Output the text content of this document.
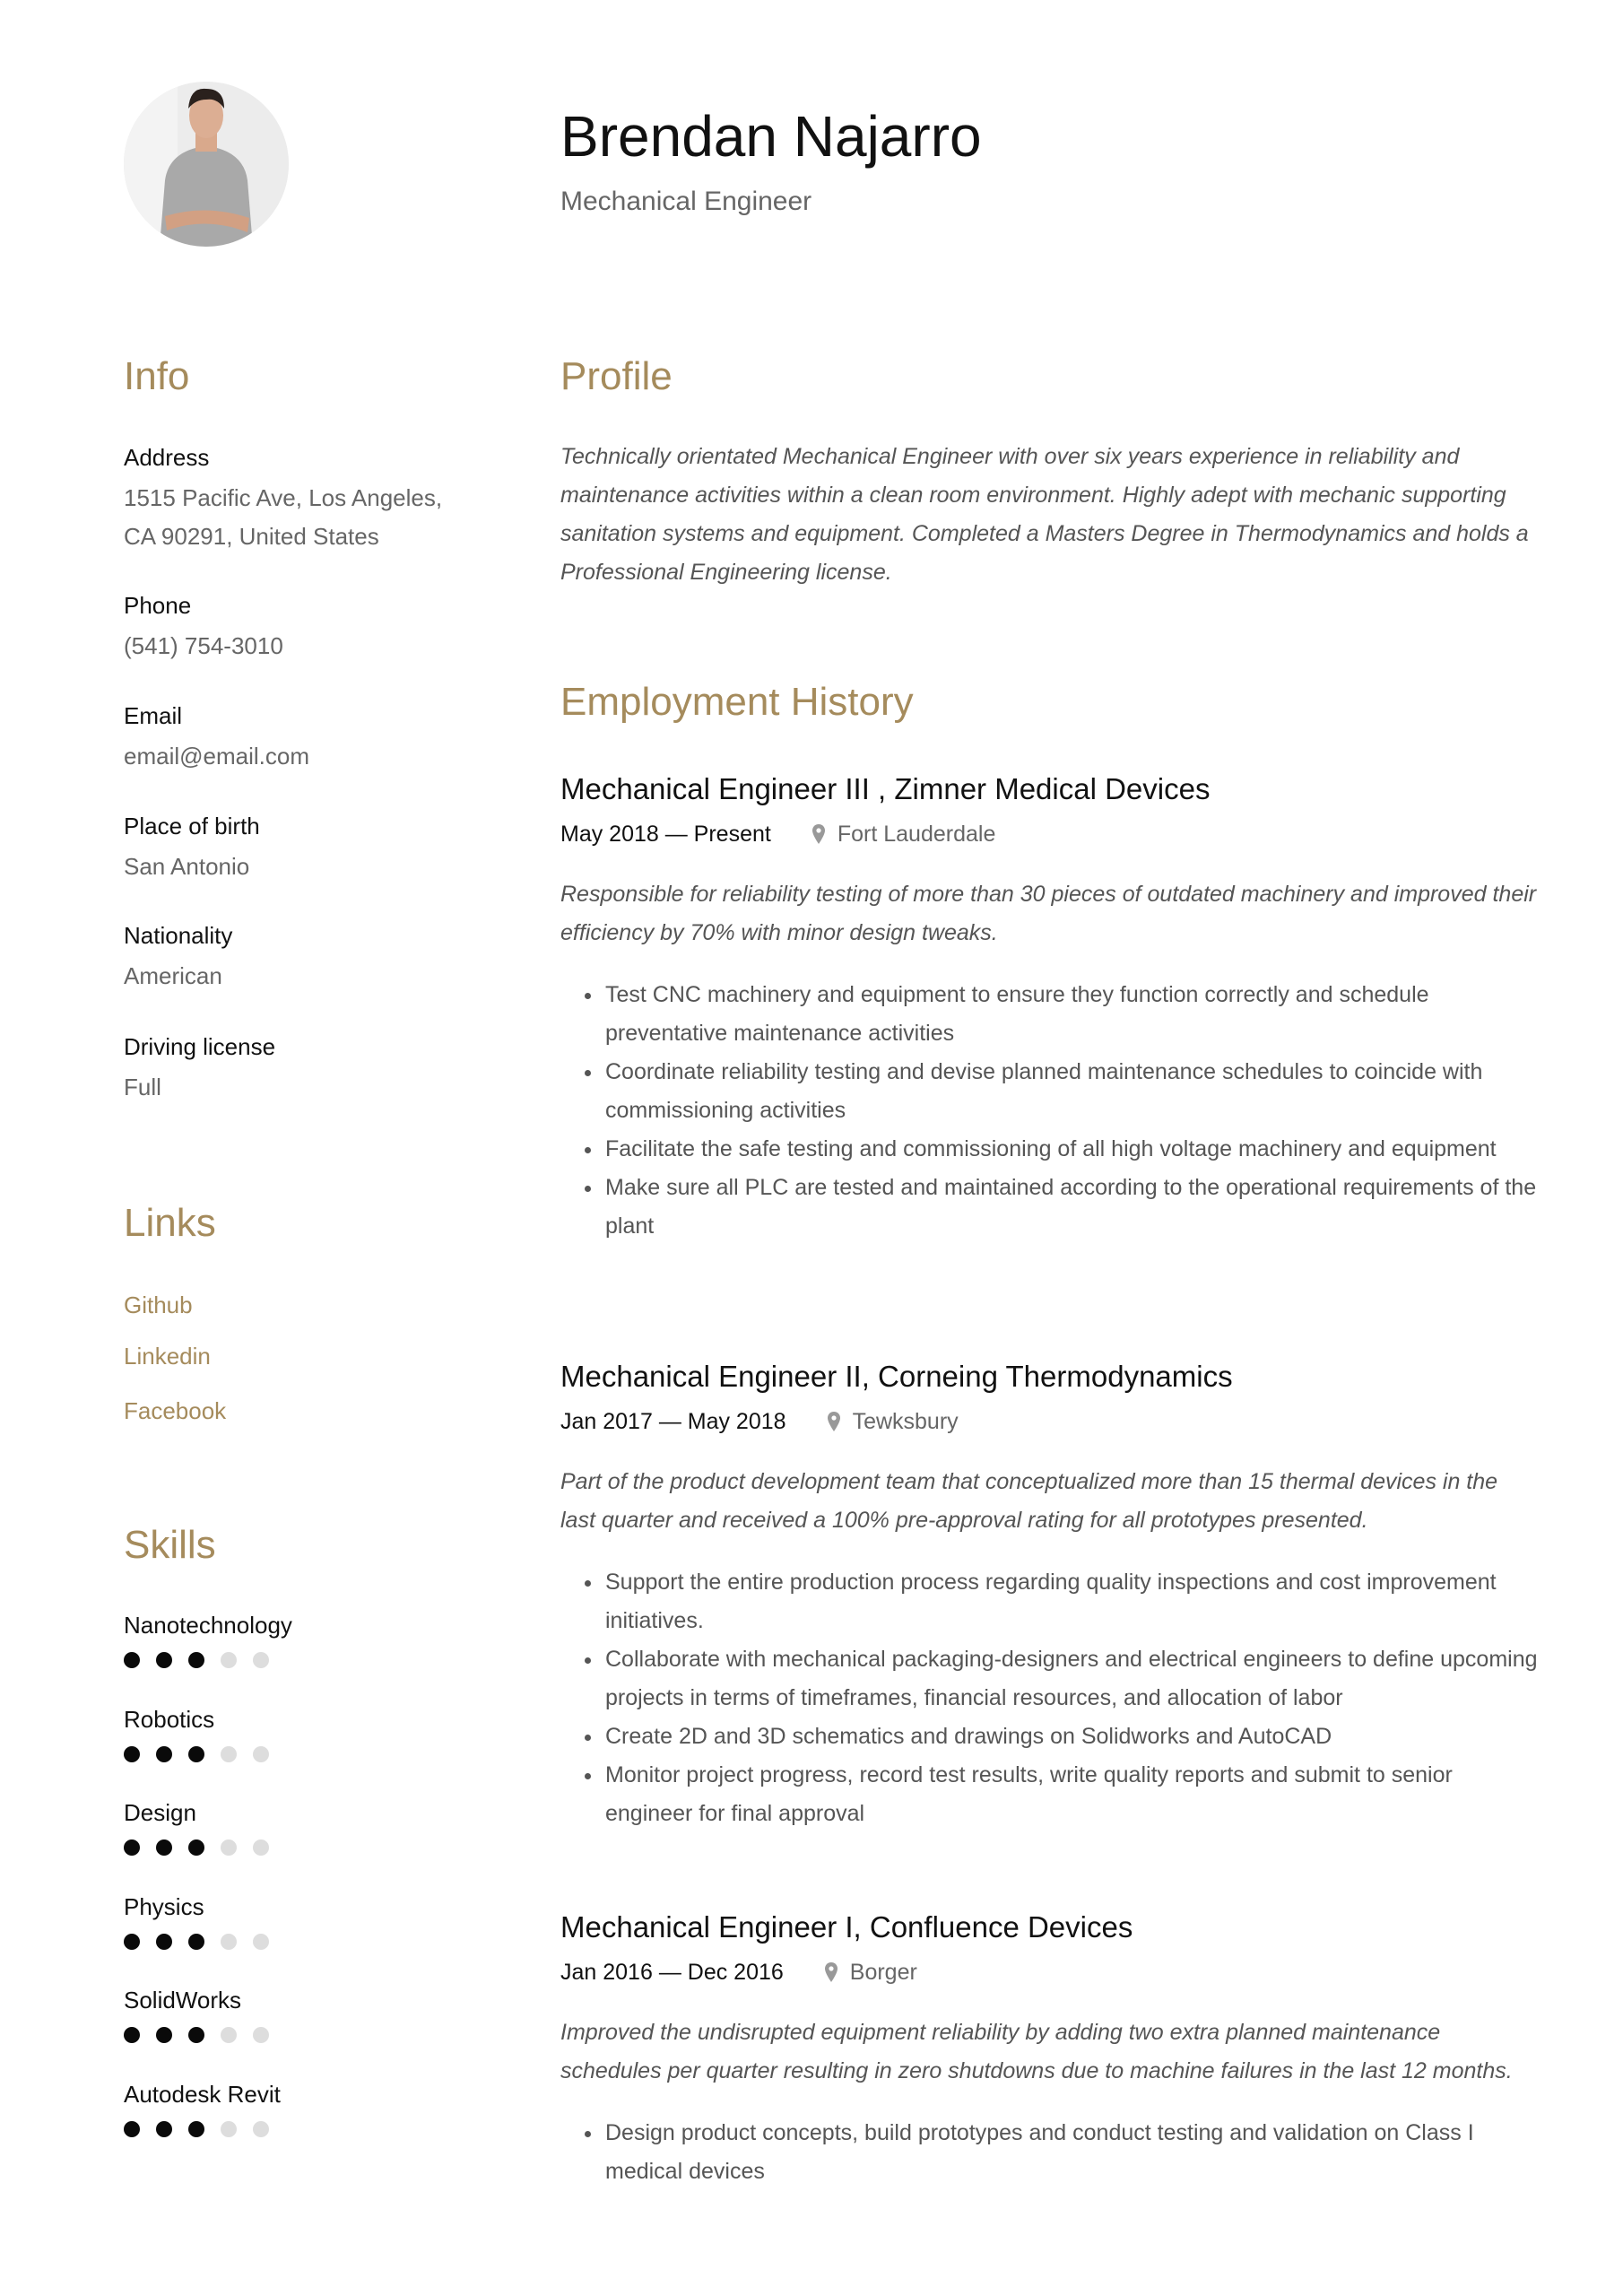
Brendan Najarro
Mechanical Engineer
Info
Address
1515 Pacific Ave, Los Angeles,
CA 90291, United States
Phone
(541) 754-3010
Email
email@email.com
Place of birth
San Antonio
Nationality
American
Driving license
Full
Links
Github
Linkedin
Facebook
Skills
Nanotechnology
Robotics
Design
Physics
SolidWorks
Autodesk Revit
Profile
Technically orientated Mechanical Engineer with over six years experience in reliability and maintenance activities within a clean room environment. Highly adept with mechanic supporting sanitation systems and equipment. Completed a Masters Degree in Thermodynamics and holds a Professional Engineering license.
Employment History
Mechanical Engineer III , Zimner Medical Devices
May 2018 — Present	Fort Lauderdale
Responsible for reliability testing of more than 30 pieces of outdated machinery and improved their efficiency by 70% with minor design tweaks.
• Test CNC machinery and equipment to ensure they function correctly and schedule preventative maintenance activities
• Coordinate reliability testing and devise planned maintenance schedules to coincide with commissioning activities
• Facilitate the safe testing and commissioning of all high voltage machinery and equipment
• Make sure all PLC are tested and maintained according to the operational requirements of the plant
Mechanical Engineer II, Corneing Thermodynamics
Jan 2017 — May 2018	Tewksbury
Part of the product development team that conceptualized more than 15 thermal devices in the last quarter and received a 100% pre-approval rating for all prototypes presented.
• Support the entire production process regarding quality inspections and cost improvement initiatives.
• Collaborate with mechanical packaging-designers and electrical engineers to define upcoming projects in terms of timeframes, financial resources, and allocation of labor
• Create 2D and 3D schematics and drawings on Solidworks and AutoCAD
• Monitor project progress, record test results, write quality reports and submit to senior engineer for final approval
Mechanical Engineer I, Confluence Devices
Jan 2016 — Dec 2016	Borger
Improved the undisrupted equipment reliability by adding two extra planned maintenance schedules per quarter resulting in zero shutdowns due to machine failures in the last 12 months.
• Design product concepts, build prototypes and conduct testing and validation on Class I medical devices
